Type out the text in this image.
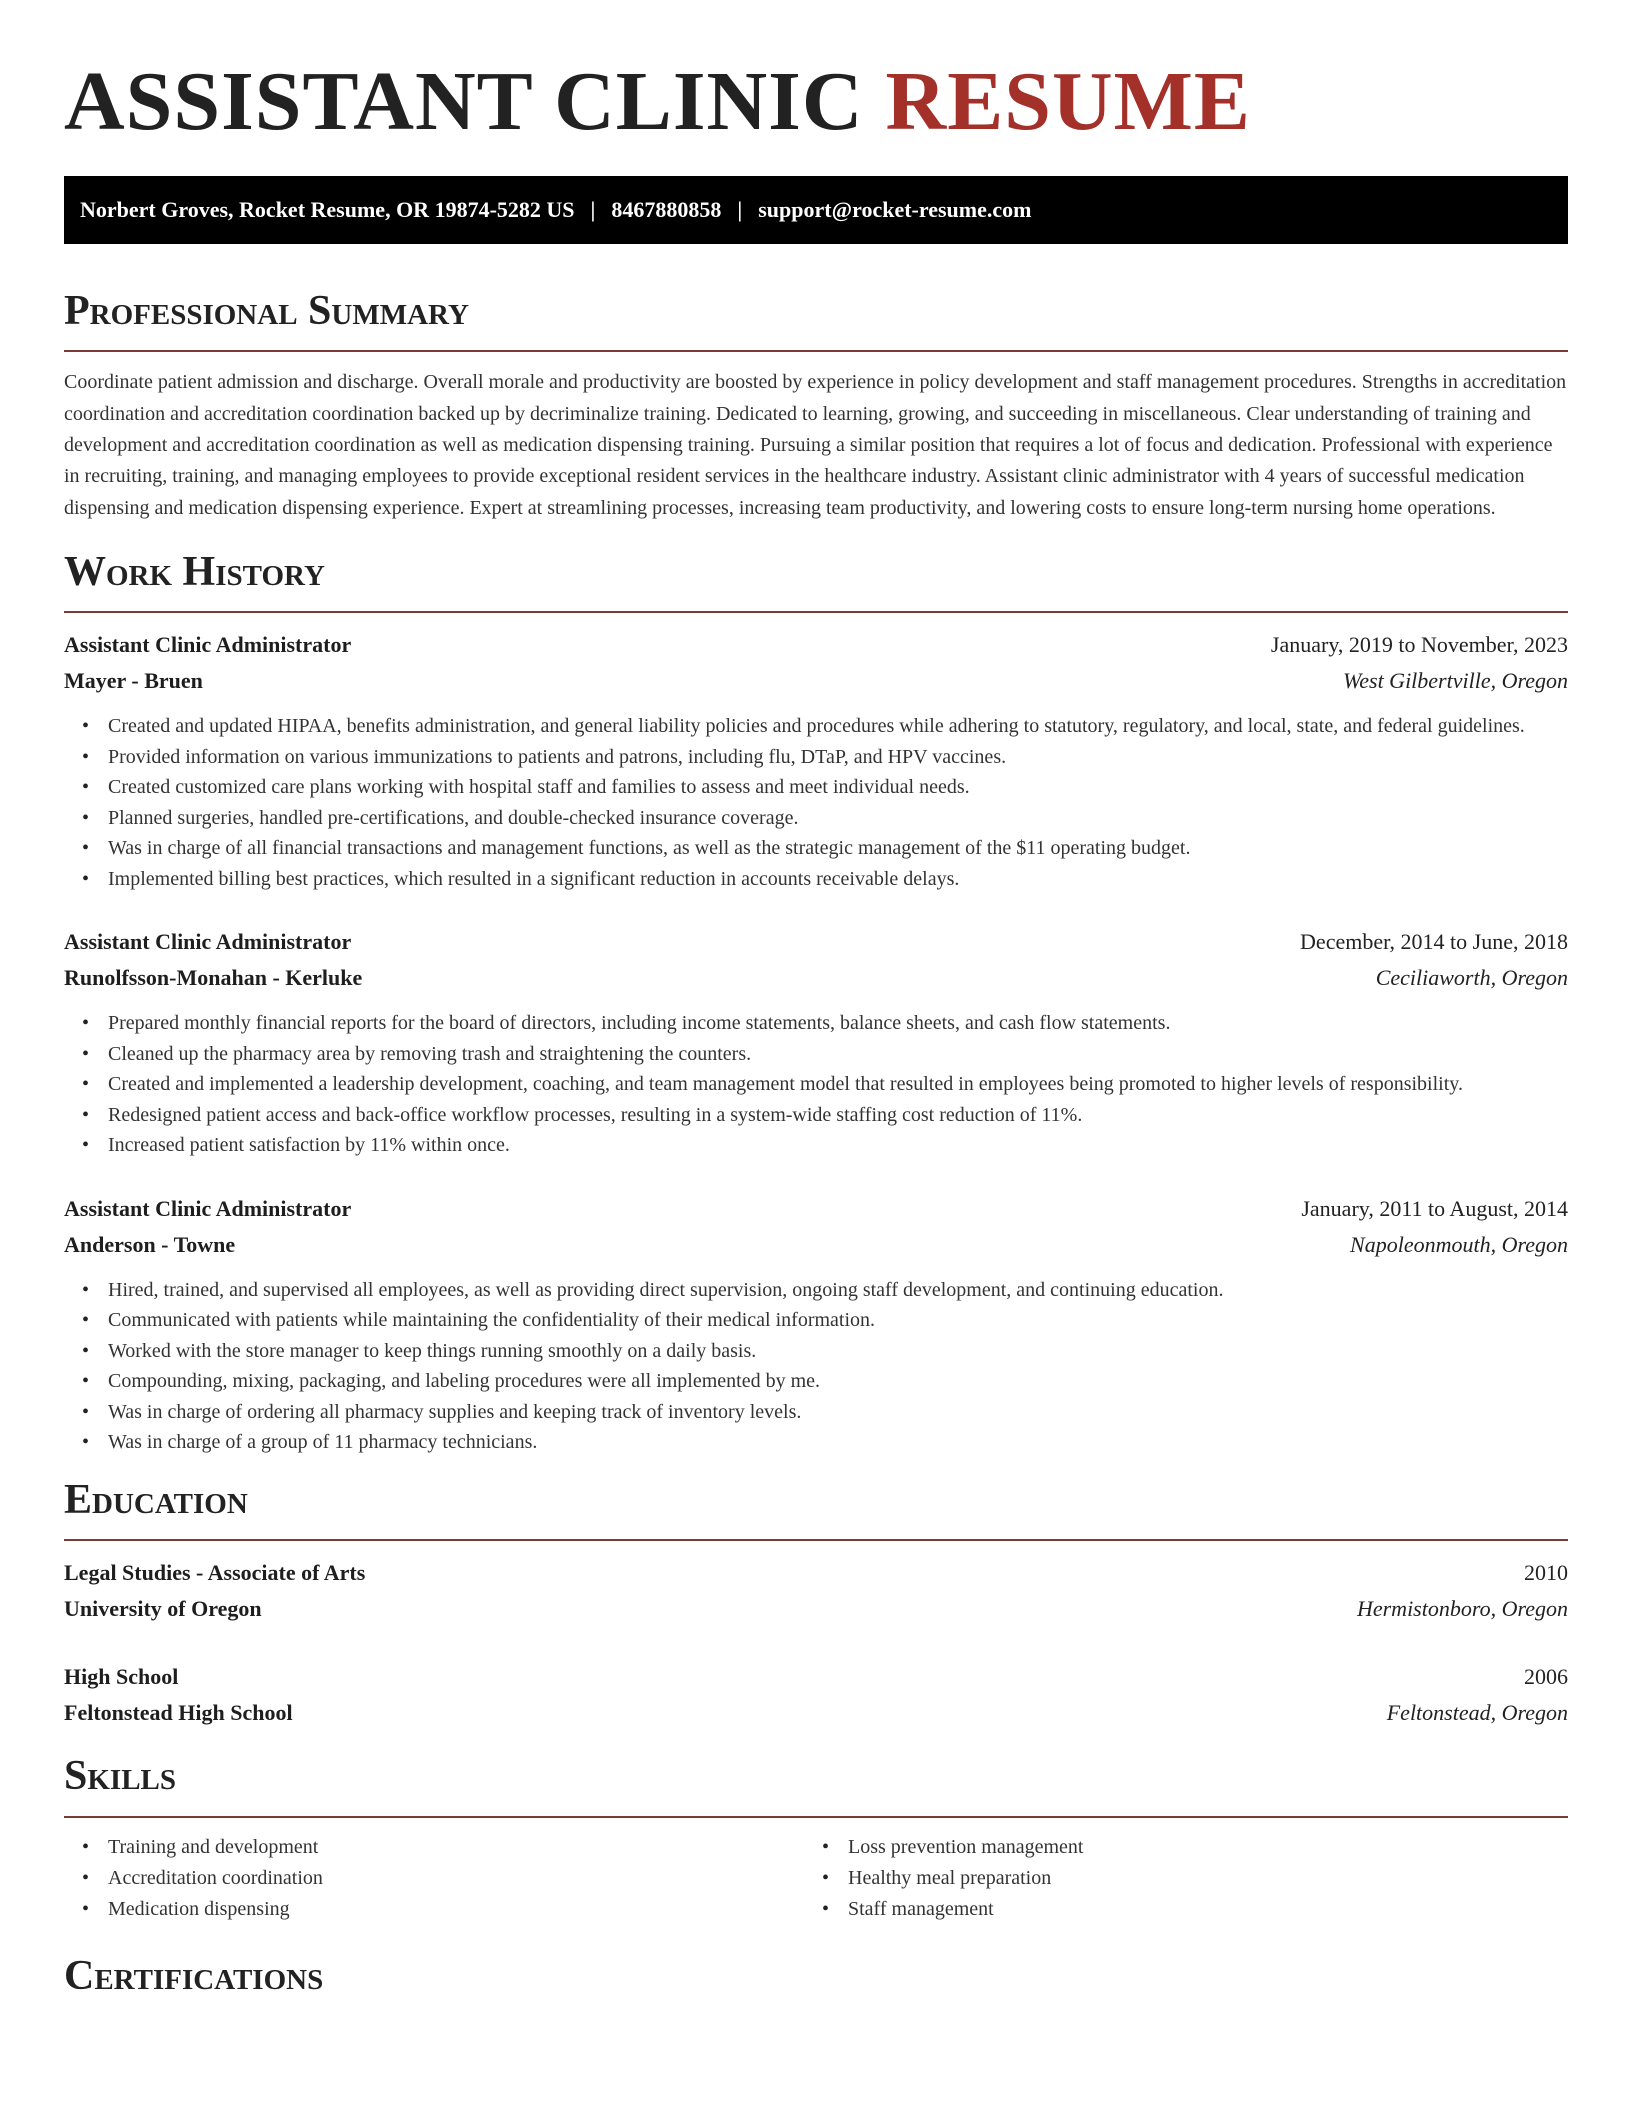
ASSISTANT CLINIC RESUME
Norbert Groves, Rocket Resume, OR 19874-5282 US | 8467880858 | support@rocket-resume.com
Professional Summary

Coordinate patient admission and discharge. Overall morale and productivity are boosted by experience in policy development and staff management procedures. Strengths in accreditation coordination and accreditation coordination backed up by decriminalize training. Dedicated to learning, growing, and succeeding in miscellaneous. Clear understanding of training and development and accreditation coordination as well as medication dispensing training. Pursuing a similar position that requires a lot of focus and dedication. Professional with experience in recruiting, training, and managing employees to provide exceptional resident services in the healthcare industry. Assistant clinic administrator with 4 years of successful medication dispensing and medication dispensing experience. Expert at streamlining processes, increasing team productivity, and lowering costs to ensure long-term nursing home operations.

Work History
Assistant Clinic Administrator	January, 2019 to November, 2023
Mayer - Bruen	West Gilbertville, Oregon
• Created and updated HIPAA, benefits administration, and general liability policies and procedures while adhering to statutory, regulatory, and local, state, and federal guidelines.
• Provided information on various immunizations to patients and patrons, including flu, DTaP, and HPV vaccines.
• Created customized care plans working with hospital staff and families to assess and meet individual needs.
• Planned surgeries, handled pre-certifications, and double-checked insurance coverage.
• Was in charge of all financial transactions and management functions, as well as the strategic management of the $11 operating budget.
• Implemented billing best practices, which resulted in a significant reduction in accounts receivable delays.
Assistant Clinic Administrator	December, 2014 to June, 2018
Runolfsson-Monahan - Kerluke	Ceciliaworth, Oregon
• Prepared monthly financial reports for the board of directors, including income statements, balance sheets, and cash flow statements.
• Cleaned up the pharmacy area by removing trash and straightening the counters.
• Created and implemented a leadership development, coaching, and team management model that resulted in employees being promoted to higher levels of responsibility.
• Redesigned patient access and back-office workflow processes, resulting in a system-wide staffing cost reduction of 11%.
• Increased patient satisfaction by 11% within once.
Assistant Clinic Administrator	January, 2011 to August, 2014
Anderson - Towne	Napoleonmouth, Oregon
• Hired, trained, and supervised all employees, as well as providing direct supervision, ongoing staff development, and continuing education.
• Communicated with patients while maintaining the confidentiality of their medical information.
• Worked with the store manager to keep things running smoothly on a daily basis.
• Compounding, mixing, packaging, and labeling procedures were all implemented by me.
• Was in charge of ordering all pharmacy supplies and keeping track of inventory levels.
• Was in charge of a group of 11 pharmacy technicians.
Education
Legal Studies - Associate of Arts	2010
University of Oregon	Hermistonboro, Oregon
High School	2006
Feltonstead High School	Feltonstead, Oregon
Skills
• Training and development
• Accreditation coordination
• Medication dispensing
• Loss prevention management
• Healthy meal preparation
• Staff management
Certifications
